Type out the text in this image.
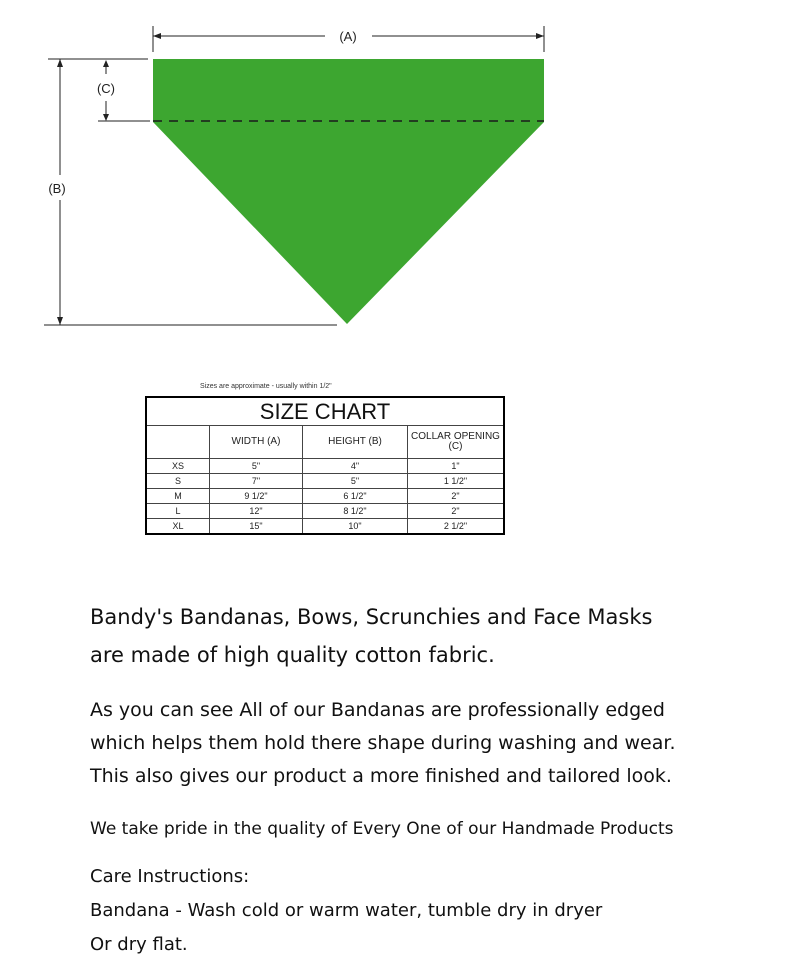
(A)
(B)
(C)
Sizes are approximate - usually within 1/2"
SIZE CHART			
	WIDTH (A)	HEIGHT (B)	COLLAR OPENING (C)
XS	5"	4"	1"
S	7"	5"	1 1/2"
M	9 1/2"	6 1/2"	2"
L	12"	8 1/2"	2"
XL	15"	10"	2 1/2"

Bandy's Bandanas, Bows, Scrunchies and Face Masks
are made of high quality cotton fabric.

As you can see All of our Bandanas are professionally edged
which helps them hold there shape during washing and wear.
This also gives our product a more finished and tailored look.

We take pride in the quality of Every One of our Handmade Products

Care Instructions:
Bandana - Wash cold or warm water, tumble dry in dryer
Or dry flat.
